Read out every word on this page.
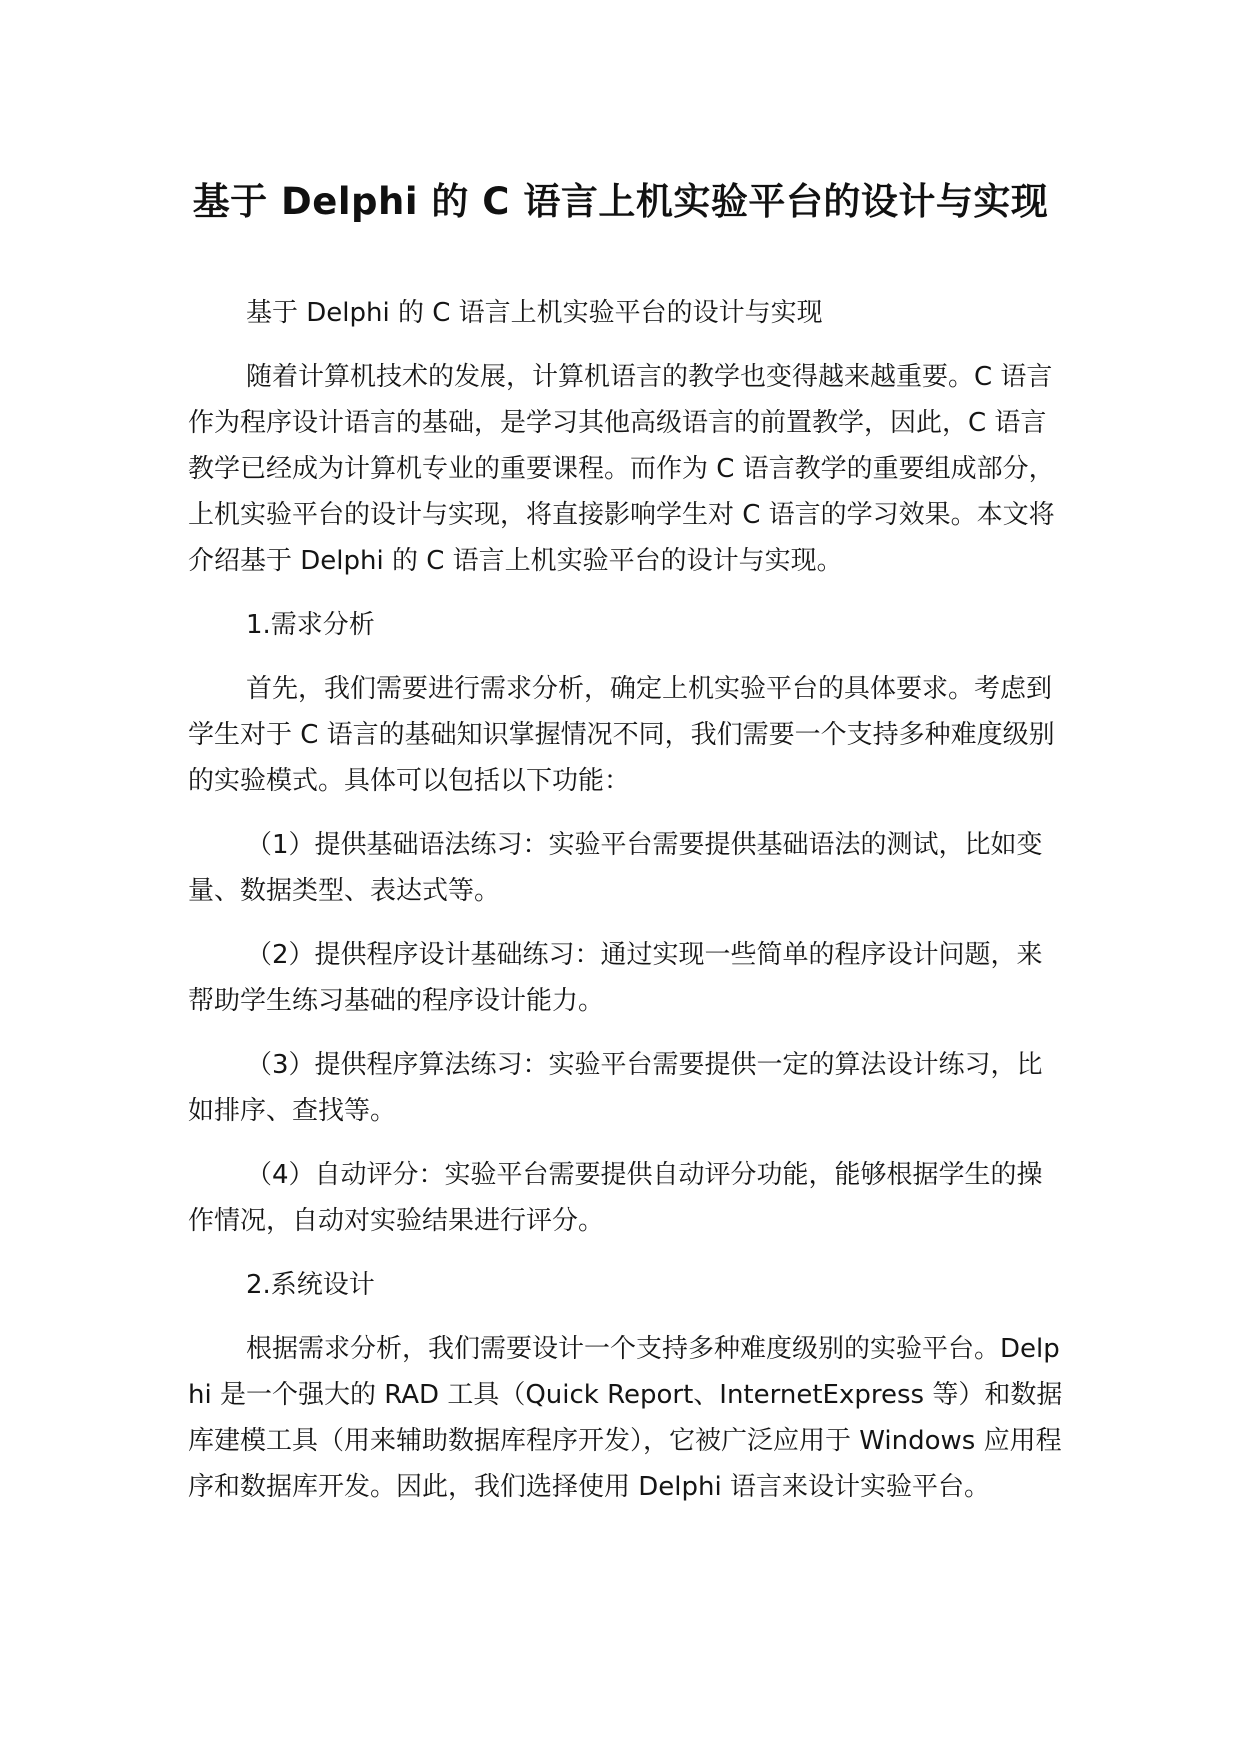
基于 Delphi 的 C 语言上机实验平台的设计与实现

基于 Delphi 的 C 语言上机实验平台的设计与实现

随着计算机技术的发展，计算机语言的教学也变得越来越重要。C 语言作为程序设计语言的基础，是学习其他高级语言的前置教学，因此，C 语言教学已经成为计算机专业的重要课程。而作为 C 语言教学的重要组成部分，上机实验平台的设计与实现，将直接影响学生对 C 语言的学习效果。本文将介绍基于 Delphi 的 C 语言上机实验平台的设计与实现。

1.需求分析

首先，我们需要进行需求分析，确定上机实验平台的具体要求。考虑到学生对于 C 语言的基础知识掌握情况不同，我们需要一个支持多种难度级别的实验模式。具体可以包括以下功能：

（1）提供基础语法练习：实验平台需要提供基础语法的测试，比如变量、数据类型、表达式等。

（2）提供程序设计基础练习：通过实现一些简单的程序设计问题，来帮助学生练习基础的程序设计能力。

（3）提供程序算法练习：实验平台需要提供一定的算法设计练习，比如排序、查找等。

（4）自动评分：实验平台需要提供自动评分功能，能够根据学生的操作情况，自动对实验结果进行评分。

2.系统设计

根据需求分析，我们需要设计一个支持多种难度级别的实验平台。Delphi 是一个强大的 RAD 工具（Quick Report、InternetExpress 等）和数据库建模工具（用来辅助数据库程序开发），它被广泛应用于 Windows 应用程序和数据库开发。因此，我们选择使用 Delphi 语言来设计实验平台。
